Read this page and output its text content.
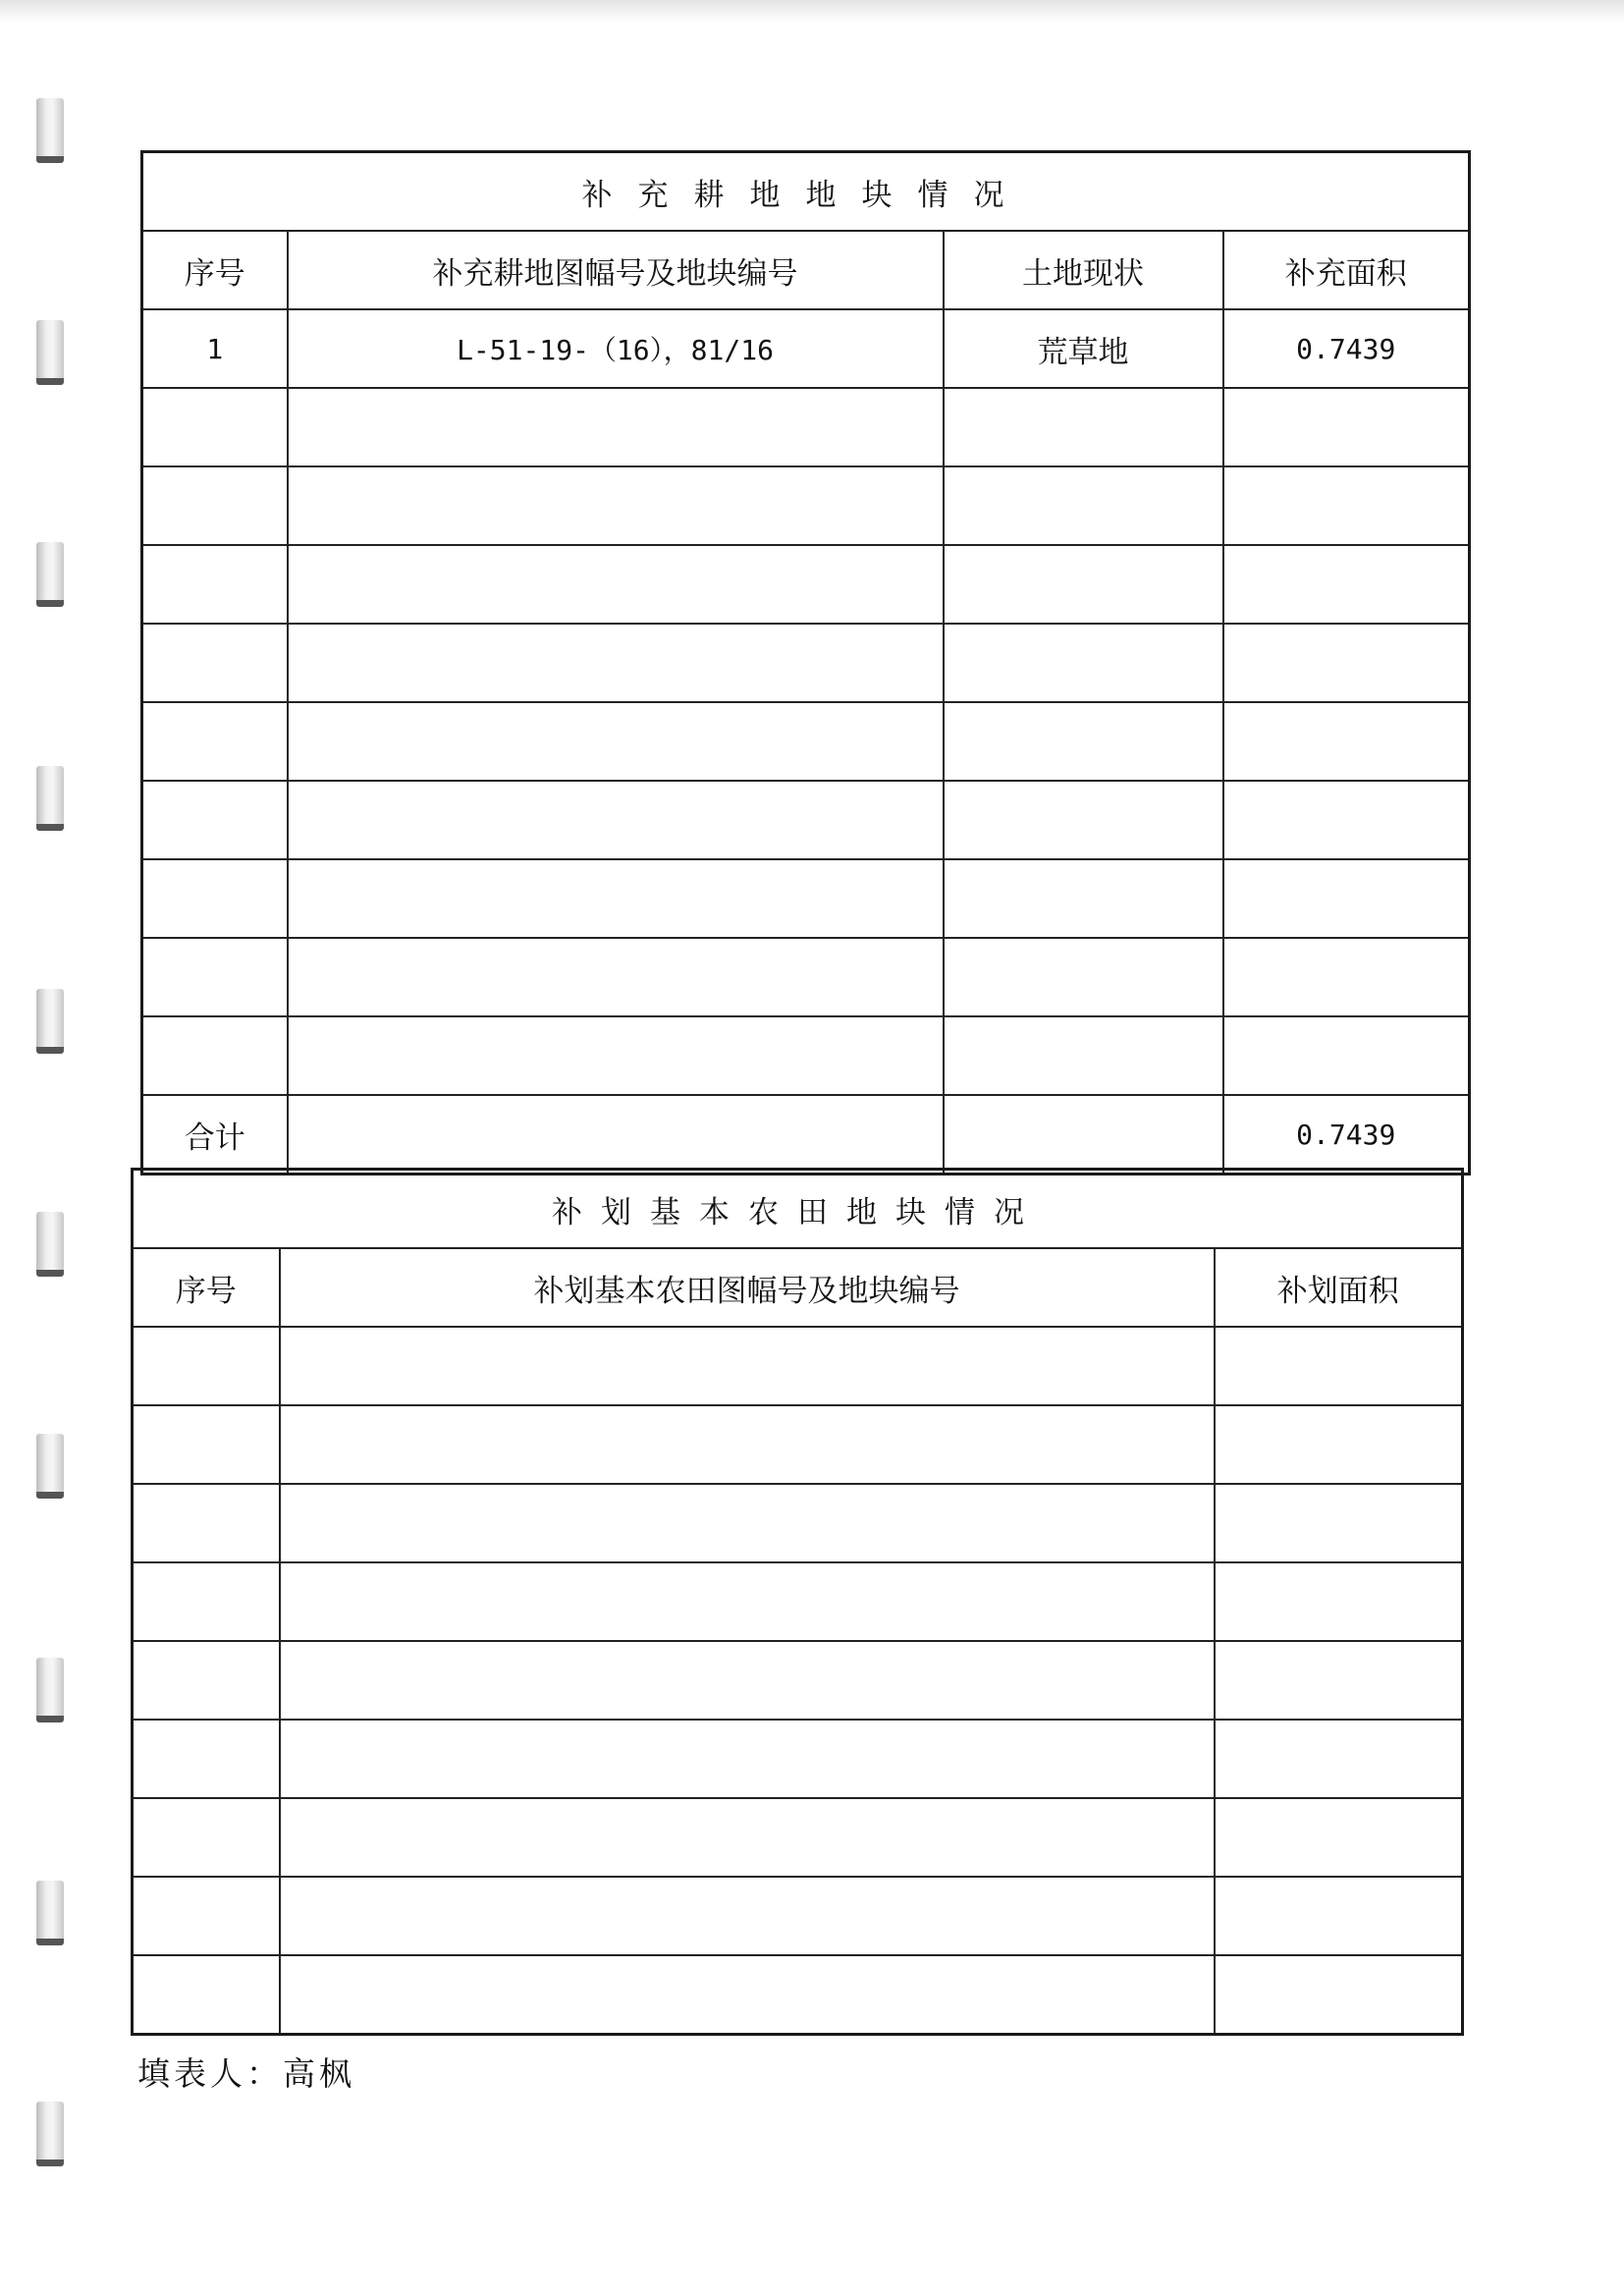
补充耕地地块情况			
序号	补充耕地图幅号及地块编号	土地现状	补充面积
1	L-51-19-（16），81/16	荒草地	0.7439

合计			0.7439
补划基本农田地块情况		
序号	补划基本农田图幅号及地块编号	补划面积

填表人：高枫
